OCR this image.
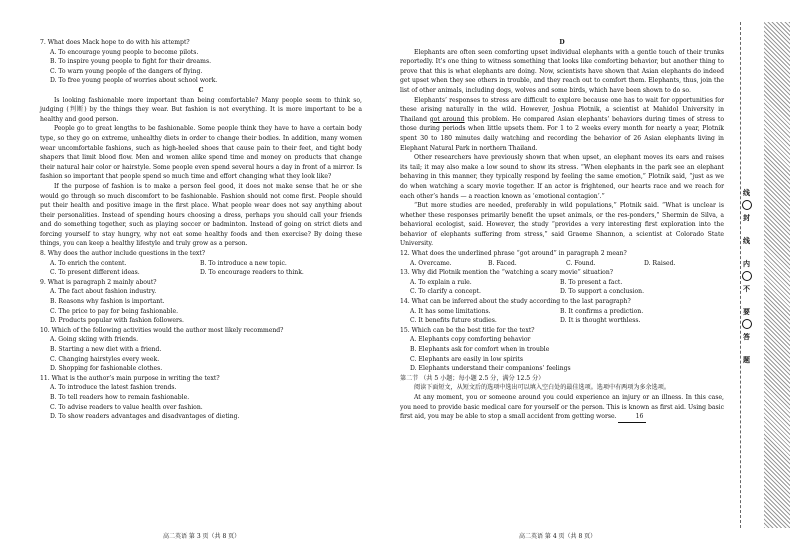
7. What does Mack hope to do with his attempt?

A. To encourage young people to become pilots.

B. To inspire young people to fight for their dreams.

C. To warn young people of the dangers of flying.

D. To free young people of worries about school work.

C

Is looking fashionable more important than being comfortable? Many people seem to think so, judging (判断) by the things they wear. But fashion is not everything. It is more important to be a healthy and good person.

People go to great lengths to be fashionable. Some people think they have to have a certain body type, so they go on extreme, unhealthy diets in order to change their bodies. In addition, many women wear uncomfortable fashions, such as high-heeled shoes that cause pain to their feet, and tight body shapers that limit blood flow. Men and women alike spend time and money on products that change their natural hair color or hairstyle. Some people even spend several hours a day in front of a mirror. Is fashion so important that people spend so much time and effort changing what they look like?

If the purpose of fashion is to make a person feel good, it does not make sense that he or she would go through so much discomfort to be fashionable. Fashion should not come first. People should put their health and positive image in the first place. What people wear does not say anything about their personalities. Instead of spending hours choosing a dress, perhaps you should call your friends and do something together, such as playing soccer or badminton. Instead of going on strict diets and forcing yourself to stay hungry, why not eat some healthy foods and then exercise? By doing these things, you can keep a healthy lifestyle and truly grow as a person.

8. Why does the author include questions in the text?

A. To enrich the content.	B. To introduce a new topic.
C. To present different ideas.	D. To encourage readers to think.

9. What is paragraph 2 mainly about?

A. The fact about fashion industry.

B. Reasons why fashion is important.

C. The price to pay for being fashionable.

D. Products popular with fashion followers.

10. Which of the following activities would the author most likely recommend?

A. Going skiing with friends.

B. Starting a new diet with a friend.

C. Changing hairstyles every week.

D. Shopping for fashionable clothes.

11. What is the author’s main purpose in writing the text?

A. To introduce the latest fashion trends.

B. To tell readers how to remain fashionable.

C. To advise readers to value health over fashion.

D. To show readers advantages and disadvantages of dieting.

D

Elephants are often seen comforting upset individual elephants with a gentle touch of their trunks reportedly. It’s one thing to witness something that looks like comforting behavior, but another thing to prove that this is what elephants are doing. Now, scientists have shown that Asian elephants do indeed get upset when they see others in trouble, and they reach out to comfort them. Elephants, thus, join the list of other animals, including dogs, wolves and some birds, which have been shown to do so.

Elephants’ responses to stress are difficult to explore because one has to wait for opportunities for these arising naturally in the wild. However, Joshua Plotnik, a scientist at Mahidol University in Thailand got around this problem. He compared Asian elephants’ behaviors during times of stress to those during periods when little upsets them. For 1 to 2 weeks every month for nearly a year, Plotnik spent 30 to 180 minutes daily watching and recording the behavior of 26 Asian elephants living in Elephant Natural Park in northern Thailand.

Other researchers have previously shown that when upset, an elephant moves its ears and raises its tail; it may also make a low sound to show its stress. “When elephants in the park see an elephant behaving in this manner, they typically respond by feeling the same emotion,” Plotnik said, “just as we do when watching a scary movie together. If an actor is frightened, our hearts race and we reach for each other’s hands — a reaction known as ‘emotional contagion’.”

“But more studies are needed, preferably in wild populations,” Plotnik said. “What is unclear is whether these responses primarily benefit the upset animals, or the res-ponders,” Shermin de Silva, a behavioral ecologist, said. However, the study “provides a very interesting first exploration into the behavior of elephants suffering from stress,” said Graeme Shannon, a scientist at Colorado State University.

12. What does the underlined phrase “got around” in paragraph 2 mean?

A. Overcame.	B. Faced.	C. Found.	D. Raised.

13. Why did Plotnik mention the “watching a scary movie” situation?

A. To explain a rule.	B. To present a fact.
C. To clarify a concept.	D. To support a conclusion.

14. What can be inferred about the study according to the last paragraph?

A. It has some limitations.	B. It confirms a prediction.
C. It benefits future studies.	D. It is thought worthless.

15. Which can be the best title for the text?

A. Elephants copy comforting behavior

B. Elephants ask for comfort when in trouble

C. Elephants are easily in low spirits

D. Elephants understand their companions’ feelings

第二节 （共 5 小题；每小题 2.5 分，满分 12.5 分）

阅读下面短文，从短文后的选项中选出可以填入空白处的最佳选项。选项中有两项为多余选项。

At any moment, you or someone around you could experience an injury or an illness. In this case, you need to provide basic medical care for yourself or the person. This is known as first aid. Using basic first aid, you may be able to stop a small accident from getting worse.	16

高二英语 第 3 页（共 8 页）	高二英语 第 4 页（共 8 页）
线
封
线
内
不
要
答
题
